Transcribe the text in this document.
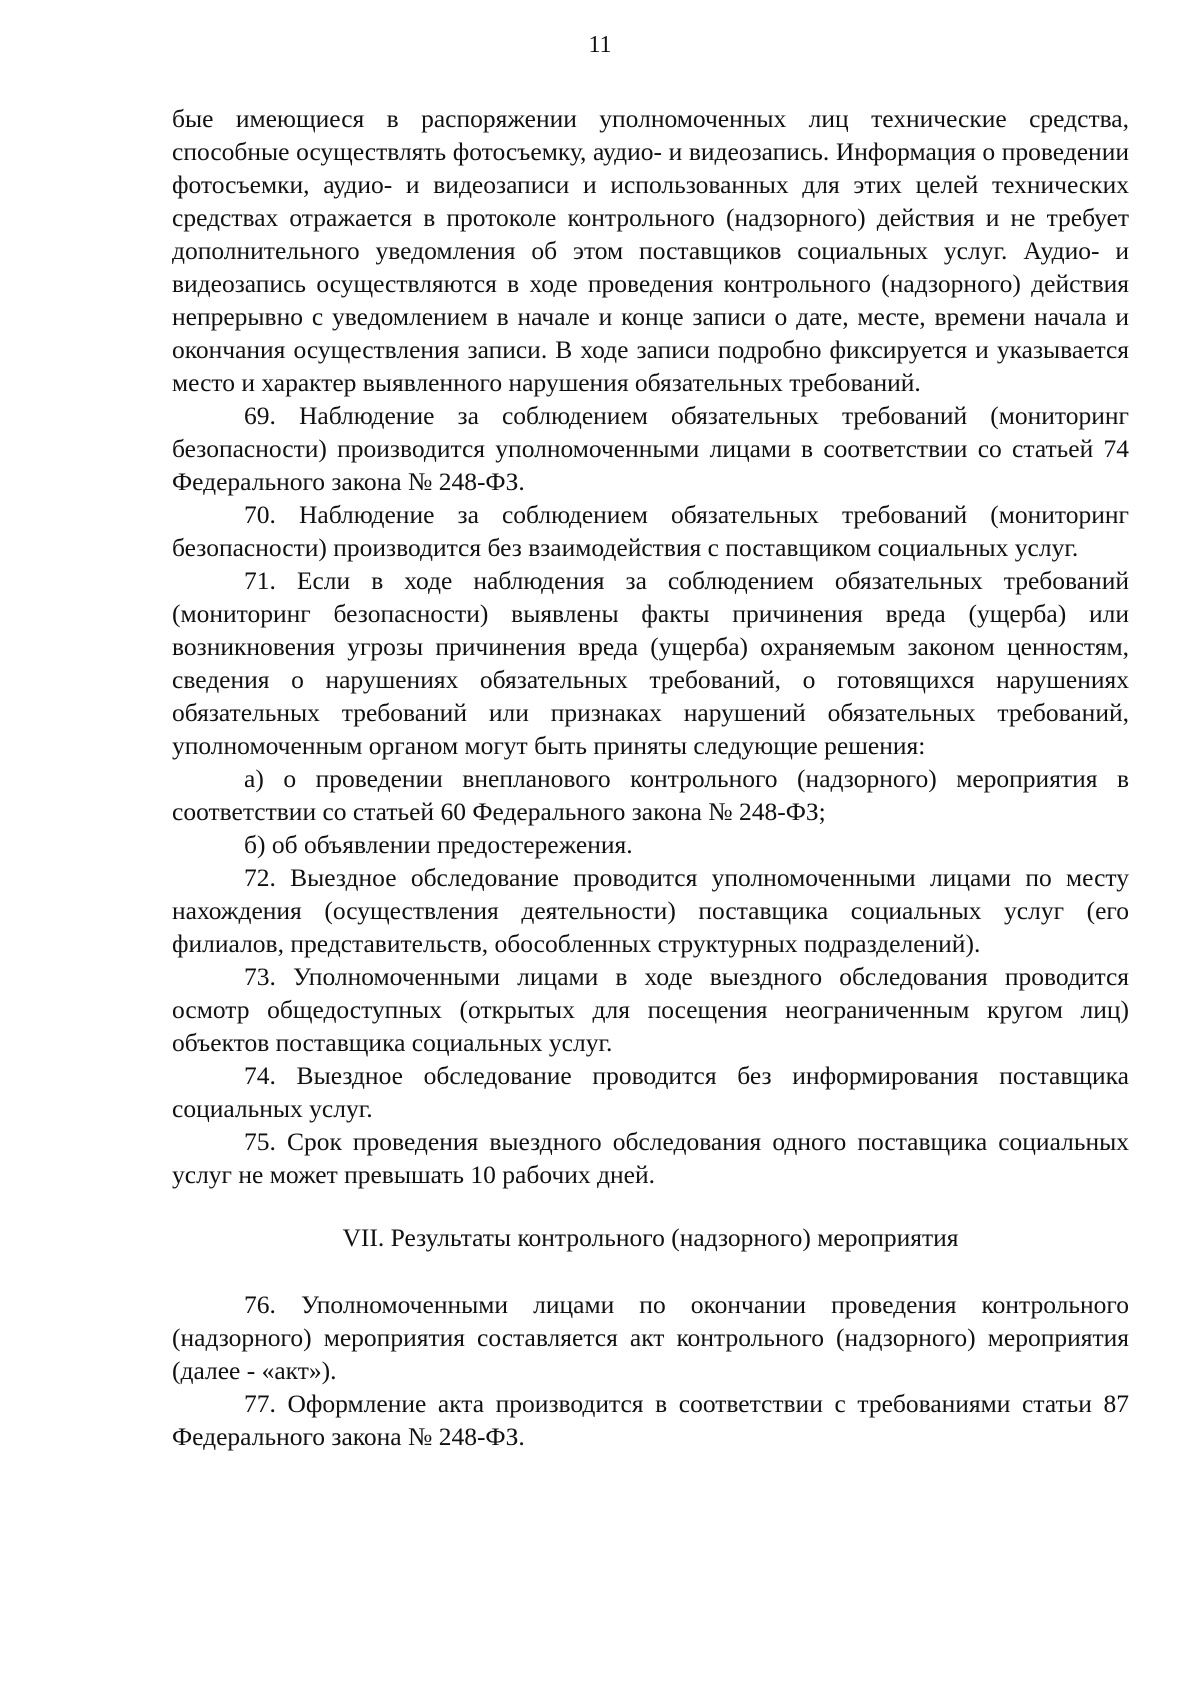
11

бые имеющиеся в распоряжении уполномоченных лиц технические средства, способные осуществлять фотосъемку, аудио- и видеозапись. Информация о проведении фотосъемки, аудио- и видеозаписи и использованных для этих целей технических средствах отражается в протоколе контрольного (надзорного) действия и не требует дополнительного уведомления об этом поставщиков социальных услуг. Аудио- и видеозапись осуществляются в ходе проведения контрольного (надзорного) действия непрерывно с уведомлением в начале и конце записи о дате, месте, времени начала и окончания осуществления записи. В ходе записи подробно фиксируется и указывается место и характер выявленного нарушения обязательных требований.

69. Наблюдение за соблюдением обязательных требований (мониторинг безопасности) производится уполномоченными лицами в соответствии со статьей 74 Федерального закона № 248-ФЗ.

70. Наблюдение за соблюдением обязательных требований (мониторинг безопасности) производится без взаимодействия с поставщиком социальных услуг.

71. Если в ходе наблюдения за соблюдением обязательных требований (мониторинг безопасности) выявлены факты причинения вреда (ущерба) или возникновения угрозы причинения вреда (ущерба) охраняемым законом ценностям, сведения о нарушениях обязательных требований, о готовящихся нарушениях обязательных требований или признаках нарушений обязательных требований, уполномоченным органом могут быть приняты следующие решения:

а) о проведении внепланового контрольного (надзорного) мероприятия в соответствии со статьей 60 Федерального закона № 248-ФЗ;

б) об объявлении предостережения.

72. Выездное обследование проводится уполномоченными лицами по месту нахождения (осуществления деятельности) поставщика социальных услуг (его филиалов, представительств, обособленных структурных подразделений).

73. Уполномоченными лицами в ходе выездного обследования проводится осмотр общедоступных (открытых для посещения неограниченным кругом лиц) объектов поставщика социальных услуг.

74. Выездное обследование проводится без информирования поставщика социальных услуг.

75. Срок проведения выездного обследования одного поставщика социальных услуг не может превышать 10 рабочих дней.

VII. Результаты контрольного (надзорного) мероприятия

76. Уполномоченными лицами по окончании проведения контрольного (надзорного) мероприятия составляется акт контрольного (надзорного) мероприятия (далее - «акт»).

77. Оформление акта производится в соответствии с требованиями статьи 87 Федерального закона № 248-ФЗ.
